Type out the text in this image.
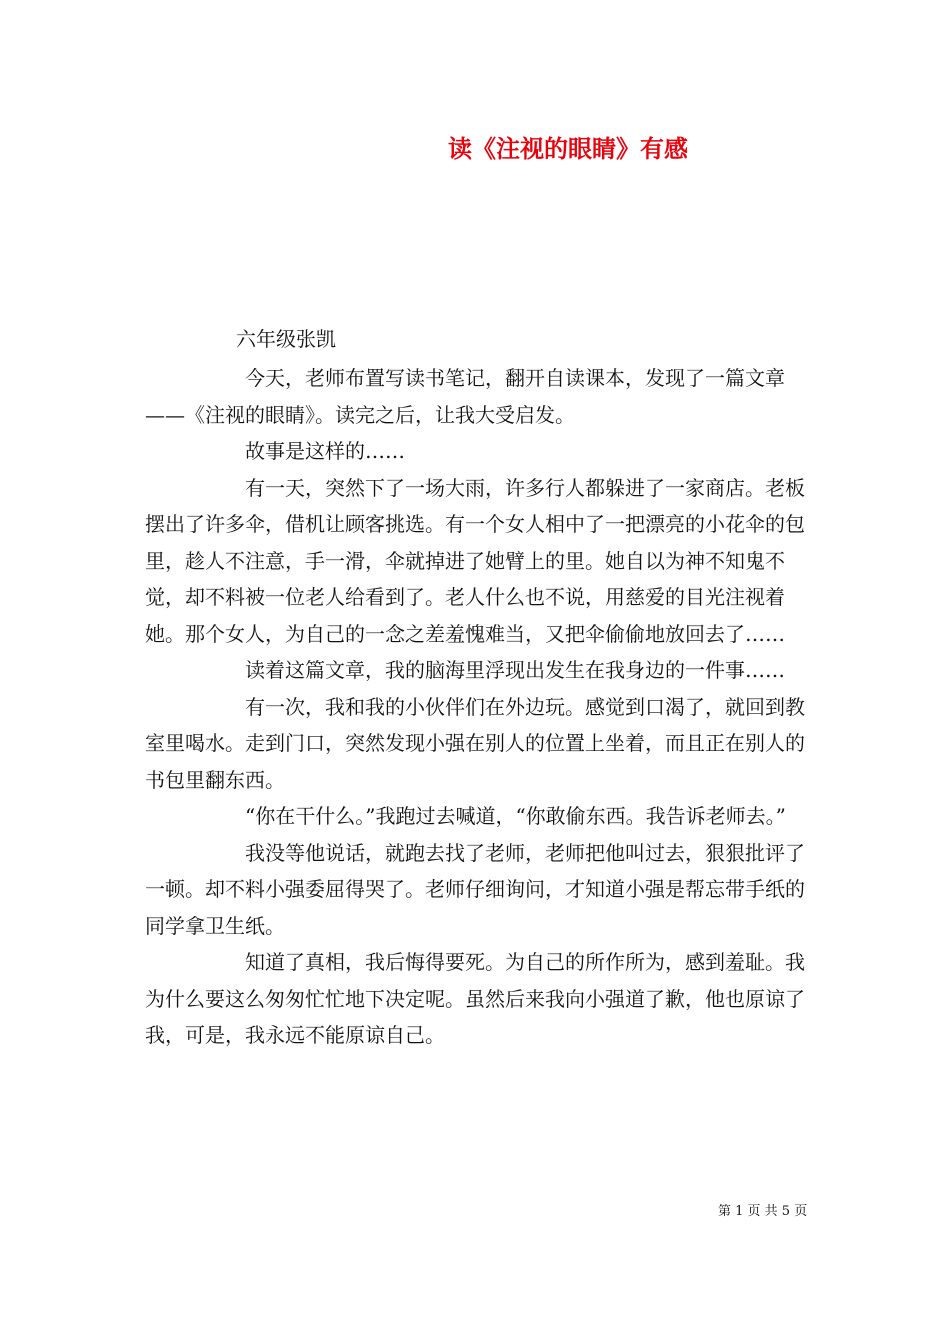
读《注视的眼睛》有感
六年级张凯

今天，老师布置写读书笔记，翻开自读课本，发现了一篇文章——《注视的眼睛》。读完之后，让我大受启发。

故事是这样的……

有一天，突然下了一场大雨，许多行人都躲进了一家商店。老板摆出了许多伞，借机让顾客挑选。有一个女人相中了一把漂亮的小花伞的包里，趁人不注意，手一滑，伞就掉进了她臂上的里。她自以为神不知鬼不觉，却不料被一位老人给看到了。老人什么也不说，用慈爱的目光注视着她。那个女人，为自己的一念之差羞愧难当，又把伞偷偷地放回去了……

读着这篇文章，我的脑海里浮现出发生在我身边的一件事……

有一次，我和我的小伙伴们在外边玩。感觉到口渴了，就回到教室里喝水。走到门口，突然发现小强在别人的位置上坐着，而且正在别人的书包里翻东西。

“你在干什么。”我跑过去喊道，“你敢偷东西。我告诉老师去。”

我没等他说话，就跑去找了老师，老师把他叫过去，狠狠批评了一顿。却不料小强委屈得哭了。老师仔细询问，才知道小强是帮忘带手纸的同学拿卫生纸。

知道了真相，我后悔得要死。为自己的所作所为，感到羞耻。我为什么要这么匆匆忙忙地下决定呢。虽然后来我向小强道了歉，他也原谅了我，可是，我永远不能原谅自己。

第 1 页 共 5 页
